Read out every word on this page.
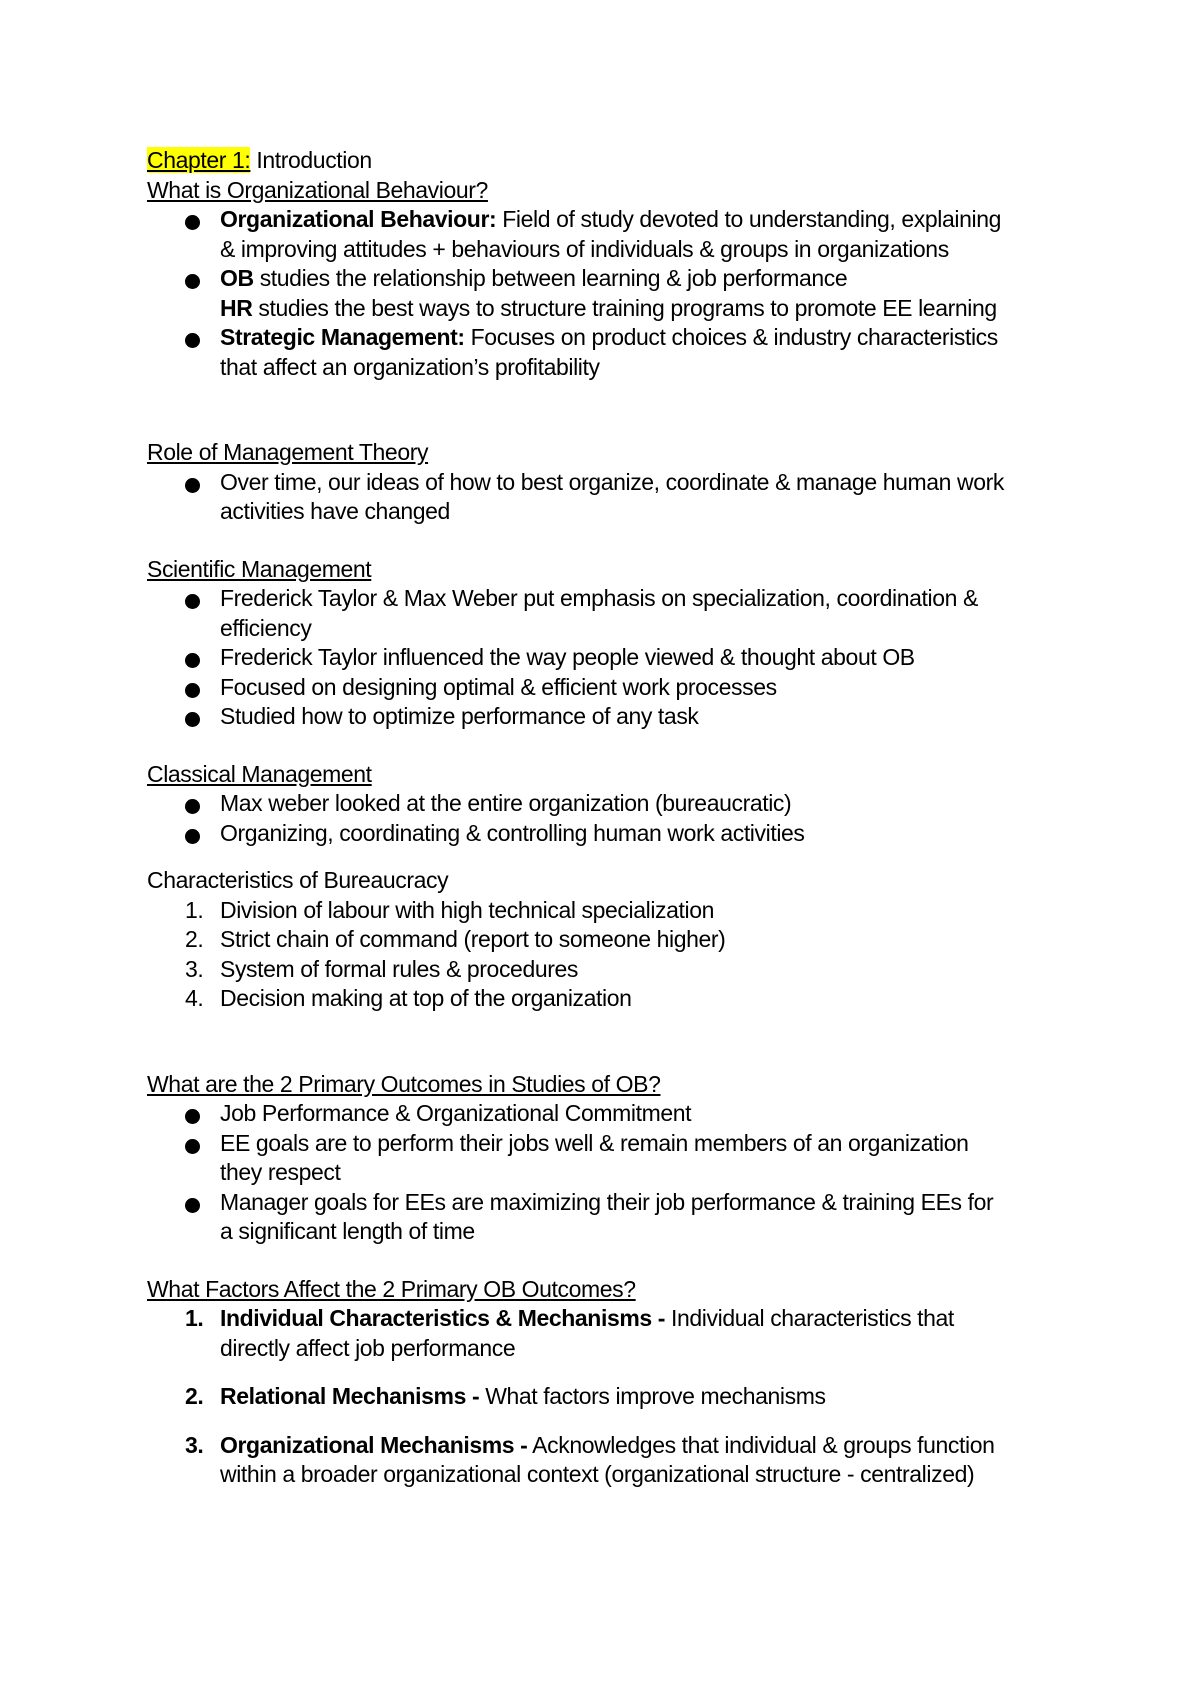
Chapter 1: Introduction

What is Organizational Behaviour?

Organizational Behaviour: Field of study devoted to understanding, explaining
& improving attitudes + behaviours of individuals & groups in organizations
OB studies the relationship between learning & job performance
HR studies the best ways to structure training programs to promote EE learning
Strategic Management: Focuses on product choices & industry characteristics
that affect an organization’s profitability

Role of Management Theory

Over time, our ideas of how to best organize, coordinate & manage human work
activities have changed

Scientific Management

Frederick Taylor & Max Weber put emphasis on specialization, coordination &
efficiency
Frederick Taylor influenced the way people viewed & thought about OB
Focused on designing optimal & efficient work processes
Studied how to optimize performance of any task

Classical Management

Max weber looked at the entire organization (bureaucratic)
Organizing, coordinating & controlling human work activities

Characteristics of Bureaucracy

1. Division of labour with high technical specialization
2. Strict chain of command (report to someone higher)
3. System of formal rules & procedures
4. Decision making at top of the organization

What are the 2 Primary Outcomes in Studies of OB?

Job Performance & Organizational Commitment
EE goals are to perform their jobs well & remain members of an organization
they respect
Manager goals for EEs are maximizing their job performance & training EEs for
a significant length of time

What Factors Affect the 2 Primary OB Outcomes?

1. Individual Characteristics & Mechanisms - Individual characteristics that
directly affect job performance
2. Relational Mechanisms - What factors improve mechanisms
3. Organizational Mechanisms - Acknowledges that individual & groups function
within a broader organizational context (organizational structure - centralized)
